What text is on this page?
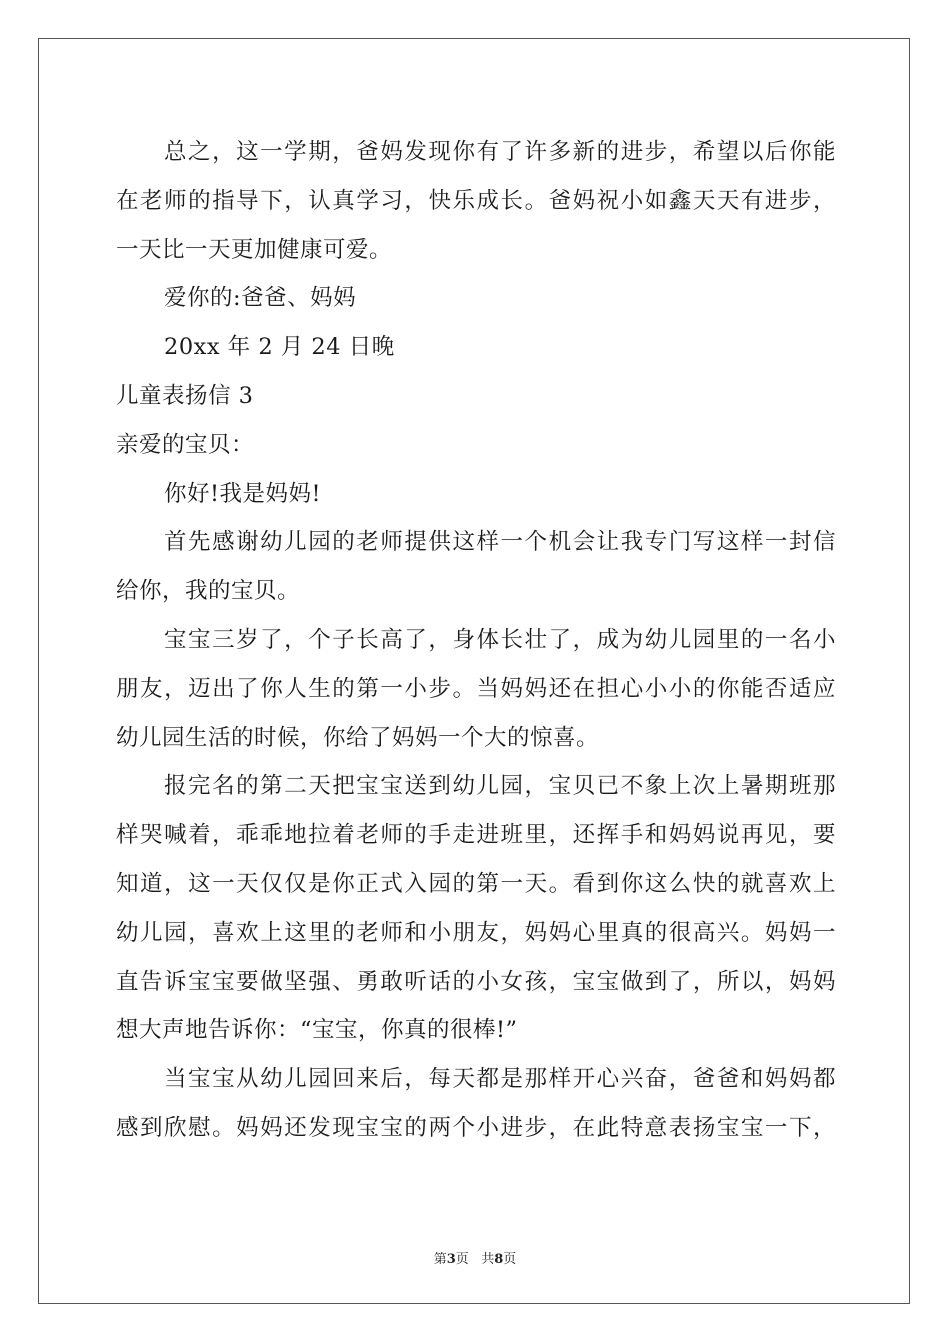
总之，这一学期，爸妈发现你有了许多新的进步，希望以后你能
在老师的指导下，认真学习，快乐成长。爸妈祝小如鑫天天有进步，
一天比一天更加健康可爱。
爱你的:爸爸、妈妈
20xx 年 2 月 24 日晚
儿童表扬信 3
亲爱的宝贝：
你好!我是妈妈!
首先感谢幼儿园的老师提供这样一个机会让我专门写这样一封信
给你，我的宝贝。
宝宝三岁了，个子长高了，身体长壮了，成为幼儿园里的一名小
朋友，迈出了你人生的第一小步。当妈妈还在担心小小的你能否适应
幼儿园生活的时候，你给了妈妈一个大的惊喜。
报完名的第二天把宝宝送到幼儿园，宝贝已不象上次上暑期班那
样哭喊着，乖乖地拉着老师的手走进班里，还挥手和妈妈说再见，要
知道，这一天仅仅是你正式入园的第一天。看到你这么快的就喜欢上
幼儿园，喜欢上这里的老师和小朋友，妈妈心里真的很高兴。妈妈一
直告诉宝宝要做坚强、勇敢听话的小女孩，宝宝做到了，所以，妈妈
想大声地告诉你：“宝宝，你真的很棒!”
当宝宝从幼儿园回来后，每天都是那样开心兴奋，爸爸和妈妈都
感到欣慰。妈妈还发现宝宝的两个小进步，在此特意表扬宝宝一下，
第3页 共8页
